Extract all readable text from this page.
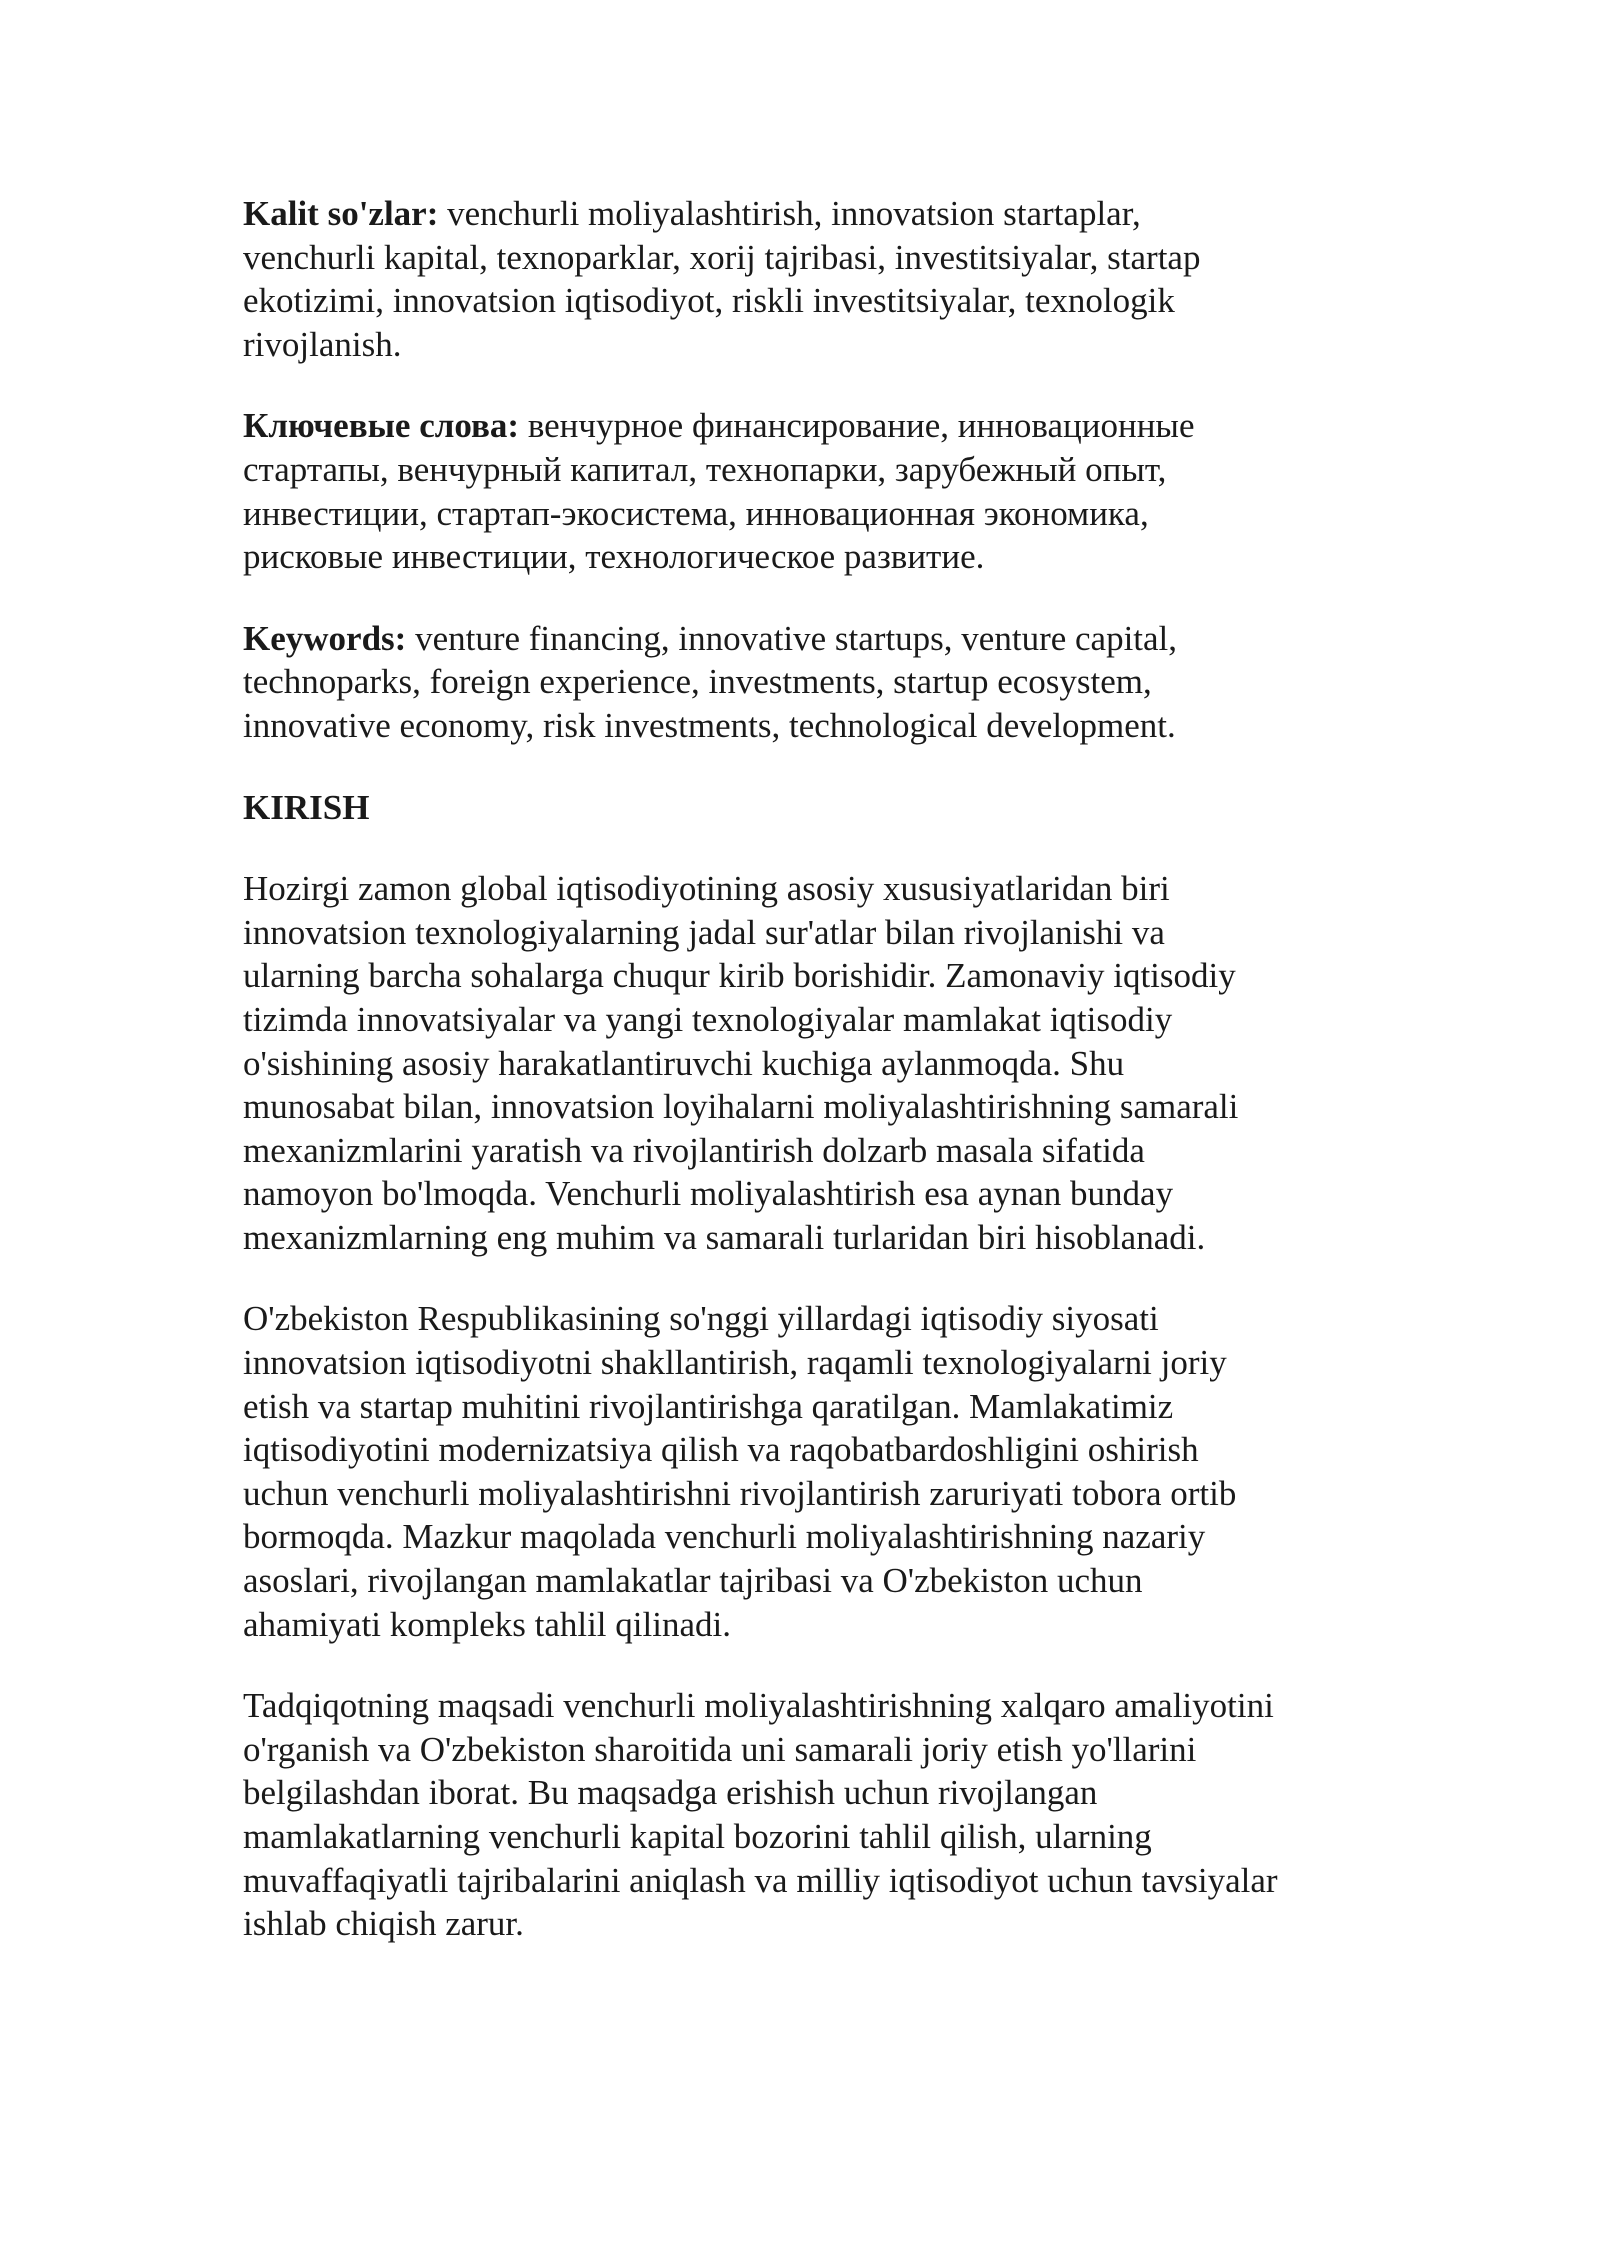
Kalit so'zlar: venchurli moliyalashtirish, innovatsion startaplar,
venchurli kapital, texnoparklar, xorij tajribasi, investitsiyalar, startap
ekotizimi, innovatsion iqtisodiyot, riskli investitsiyalar, texnologik
rivojlanish.

Ключевые слова: венчурное финансирование, инновационные
стартапы, венчурный капитал, технопарки, зарубежный опыт,
инвестиции, стартап-экосистема, инновационная экономика,
рисковые инвестиции, технологическое развитие.

Keywords: venture financing, innovative startups, venture capital,
technoparks, foreign experience, investments, startup ecosystem,
innovative economy, risk investments, technological development.

KIRISH

Hozirgi zamon global iqtisodiyotining asosiy xususiyatlaridan biri
innovatsion texnologiyalarning jadal sur'atlar bilan rivojlanishi va
ularning barcha sohalarga chuqur kirib borishidir. Zamonaviy iqtisodiy
tizimda innovatsiyalar va yangi texnologiyalar mamlakat iqtisodiy
o'sishining asosiy harakatlantiruvchi kuchiga aylanmoqda. Shu
munosabat bilan, innovatsion loyihalarni moliyalashtirishning samarali
mexanizmlarini yaratish va rivojlantirish dolzarb masala sifatida
namoyon bo'lmoqda. Venchurli moliyalashtirish esa aynan bunday
mexanizmlarning eng muhim va samarali turlaridan biri hisoblanadi.

O'zbekiston Respublikasining so'nggi yillardagi iqtisodiy siyosati
innovatsion iqtisodiyotni shakllantirish, raqamli texnologiyalarni joriy
etish va startap muhitini rivojlantirishga qaratilgan. Mamlakatimiz
iqtisodiyotini modernizatsiya qilish va raqobatbardoshligini oshirish
uchun venchurli moliyalashtirishni rivojlantirish zaruriyati tobora ortib
bormoqda. Mazkur maqolada venchurli moliyalashtirishning nazariy
asoslari, rivojlangan mamlakatlar tajribasi va O'zbekiston uchun
ahamiyati kompleks tahlil qilinadi.

Tadqiqotning maqsadi venchurli moliyalashtirishning xalqaro amaliyotini
o'rganish va O'zbekiston sharoitida uni samarali joriy etish yo'llarini
belgilashdan iborat. Bu maqsadga erishish uchun rivojlangan
mamlakatlarning venchurli kapital bozorini tahlil qilish, ularning
muvaffaqiyatli tajribalarini aniqlash va milliy iqtisodiyot uchun tavsiyalar
ishlab chiqish zarur.
